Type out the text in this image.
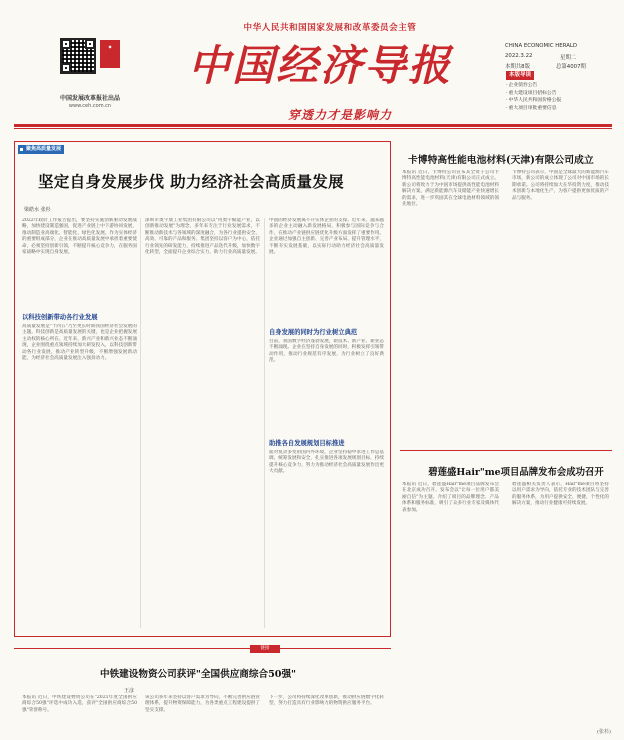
◆
中国发展改革报社出品
www.ceh.com.cn
中华人民共和国国家发展和改革委员会主管
中国经济导报
穿透力才是影响力
CHINA ECONOMIC HERALD
2022.3.22	星期二
本期共8版	总第4007期
本版导读
· 企业债券公告
· 重大建设项目招标公告
· 中华人民共和国价格公报
· 重大项目审批重要信息
聚焦高质量发展
坚定自身发展步伐 助力经济社会高质量发展
梁皓水 张杉

2022年政府工作报告提出，要坚持实施创新驱动发展战略，加快建设制造强国，促进产业链上中下游协同发展，推动制造业高端化、智能化、绿色化发展。作为实体经济的重要组成部分，企业在推动高质量发展中承担着重要使命，必须坚持创新引领，不断提升核心竞争力，在服务国家战略中实现自身发展。

以科技创新带动各行业发展

高质量发展是"十四五"乃至更长时期我国经济社会发展的主题。科技创新是高质量发展的关键，也是企业把握发展主动权的核心所在。近年来，新兴产业和新兴业态不断涌现，企业围绕重点领域持续加大研发投入，以科技创新带动各行业发展，推动产业转型升级，不断增强发展新动能，为经济社会高质量发展注入强劲动力。

深圳市奥宇康工业集团有限公司以"用奥宇赋能产业，以创新推动发展"为理念，多年来专注于行业发展需求，不断推动新技术与各领域的深度融合，为各行业提供安全、高效、可靠的产品和服务。集团坚持以客户为中心，依托行业领先的研发能力，持续推进产品迭代升级，加快数字化转型，全面提升企业综合实力，助力行业高质量发展。

中国的经济发展离不开实体企业的支撑。近年来，越来越多的企业主动融入新发展格局，积极参与国际竞争与合作，在推动产业链供应链优化升级方面发挥了重要作用。企业通过加强自主创新、完善产业布局、提升管理水平，不断夯实发展基础，以实际行动助力经济社会高质量发展。

自身发展的同时为行业树立典范

目前，我国数字经济蓬勃发展，新技术、新产业、新业态不断涌现。企业在坚持自身发展的同时，积极发挥引领带动作用，推动行业规范有序发展，为行业树立了良好典范。

助推各自发展规划目标推进

面对复杂多变的国内外环境，企业坚持稳中求进工作总基调，统筹发展和安全，扎实推进各项发展规划目标，持续提升核心竞争力，努力为推动经济社会高质量发展作出更大贡献。

卡博特高性能电池材料(天津)有限公司成立

本报讯 近日，卡博特公司宣布其全资子公司卡博特高性能电池材料(天津)有限公司正式成立。新公司将致力于为中国市场提供高性能电池材料解决方案，满足新能源汽车及储能产业快速增长的需求，进一步巩固其在全球电池材料领域的领先地位。

卡博特公司表示，中国是全球最大的新能源汽车市场，新公司的成立体现了公司对中国市场的长期承诺。公司将持续加大在华投资力度，推动技术创新与本地化生产，为客户提供更加优质的产品与服务。

碧莲盛Hair"me项目品牌发布会成功召开

本报讯 近日，碧莲盛Hair"me项目品牌发布会在北京成功召开。发布会以"让每一位用户都美丽自信"为主题，介绍了项目的品牌理念、产品体系和服务标准，吸引了众多行业专家及媒体代表参加。

碧莲盛相关负责人表示，Hair"me项目将坚持以用户需求为导向，依托专业的技术团队与完善的服务体系，为用户提供安全、便捷、个性化的解决方案，推动行业健康可持续发展。

(张杉)
链接
中铁建设物资公司获评"全国供应商综合50强"
王彦

本报讯 近日，中铁建设物资公司在"2021年度全国供应商综合50强"评选中成功入选，获评"全国供应商综合50强"荣誉称号。

该公司多年来坚持以客户需求为导向，不断完善供应链管理体系，提升物资保障能力，为各类重点工程建设提供了坚实支撑。

下一步，公司将持续深化改革创新，推动供应链数字化转型，努力打造具有行业影响力的物资供应服务平台。
